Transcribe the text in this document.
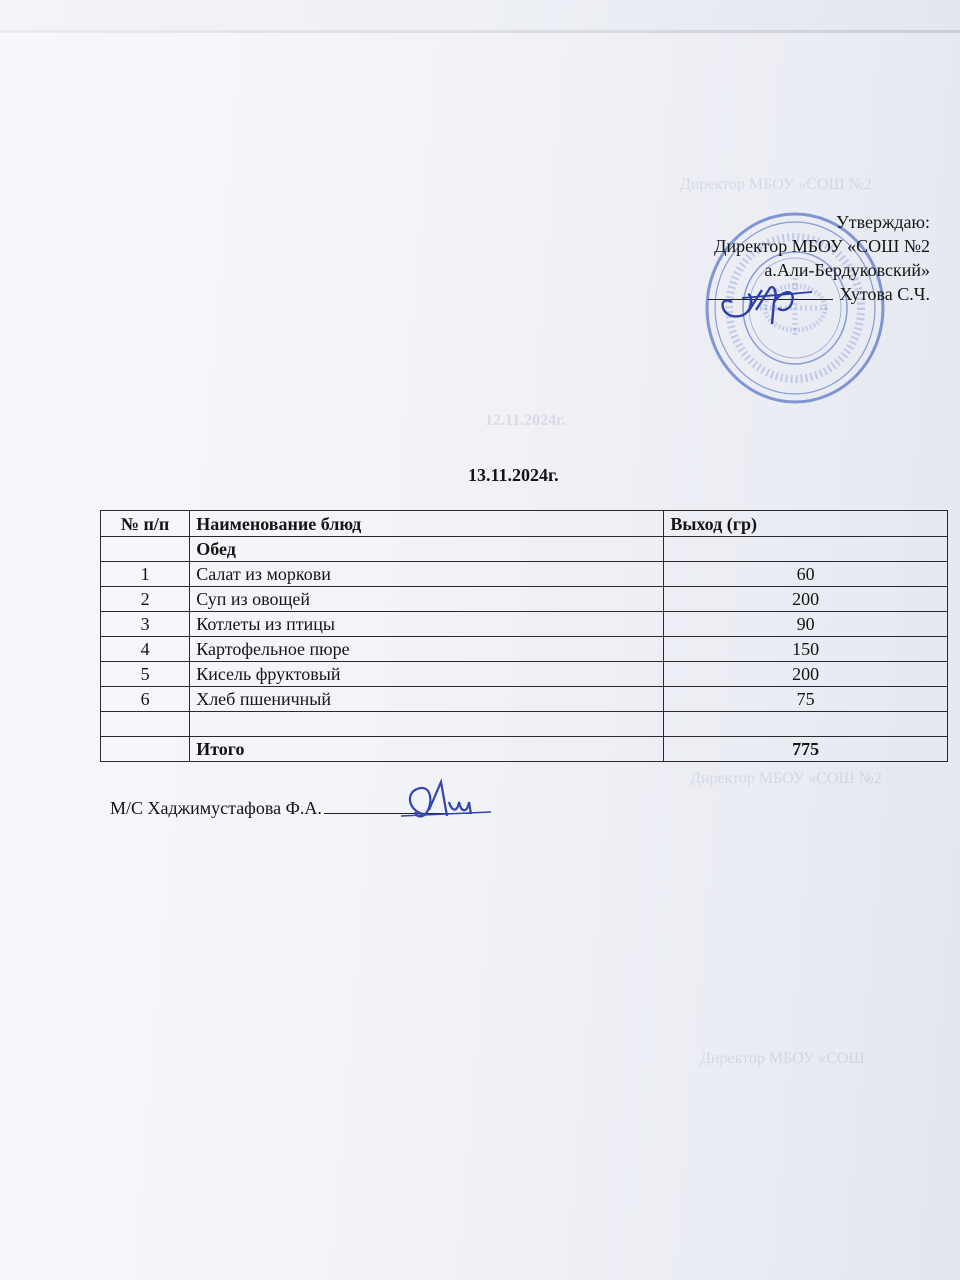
12.11.2024г.
Директор МБОУ «СОШ №2
Директор МБОУ «СОШ №2
Директор МБОУ «СОШ
Утверждаю:
Директор МБОУ «СОШ №2
а.Али-Бердуковский»
Хутова С.Ч.
13.11.2024г.
№ п/п	Наименование блюд	Выход (гр)
	Обед	
1	Салат из моркови	60
2	Суп из овощей	200
3	Котлеты из птицы	90
4	Картофельное пюре	150
5	Кисель фруктовый	200
6	Хлеб пшеничный	75

	Итого	775
М/С Хаджимустафова Ф.А.
